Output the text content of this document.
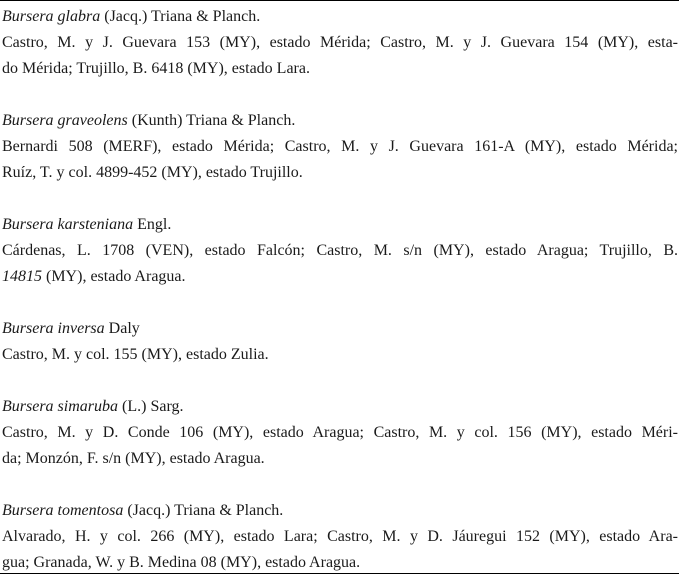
Bursera glabra (Jacq.) Triana & Planch.
Castro, M. y J. Guevara 153 (MY), estado Mérida; Castro, M. y J. Guevara 154 (MY), esta-
do Mérida; Trujillo, B. 6418 (MY), estado Lara.
Bursera graveolens (Kunth) Triana & Planch.
Bernardi 508 (MERF), estado Mérida; Castro, M. y J. Guevara 161-A (MY), estado Mérida;
Ruíz, T. y col. 4899-452 (MY), estado Trujillo.
Bursera karsteniana Engl.
Cárdenas, L. 1708 (VEN), estado Falcón; Castro, M. s/n (MY), estado Aragua; Trujillo, B.
14815 (MY), estado Aragua.
Bursera inversa Daly
Castro, M. y col. 155 (MY), estado Zulia.
Bursera simaruba (L.) Sarg.
Castro, M. y D. Conde 106 (MY), estado Aragua; Castro, M. y col. 156 (MY), estado Méri-
da; Monzón, F. s/n (MY), estado Aragua.
Bursera tomentosa (Jacq.) Triana & Planch.
Alvarado, H. y col. 266 (MY), estado Lara; Castro, M. y D. Jáuregui 152 (MY), estado Ara-
gua; Granada, W. y B. Medina 08 (MY), estado Aragua.
